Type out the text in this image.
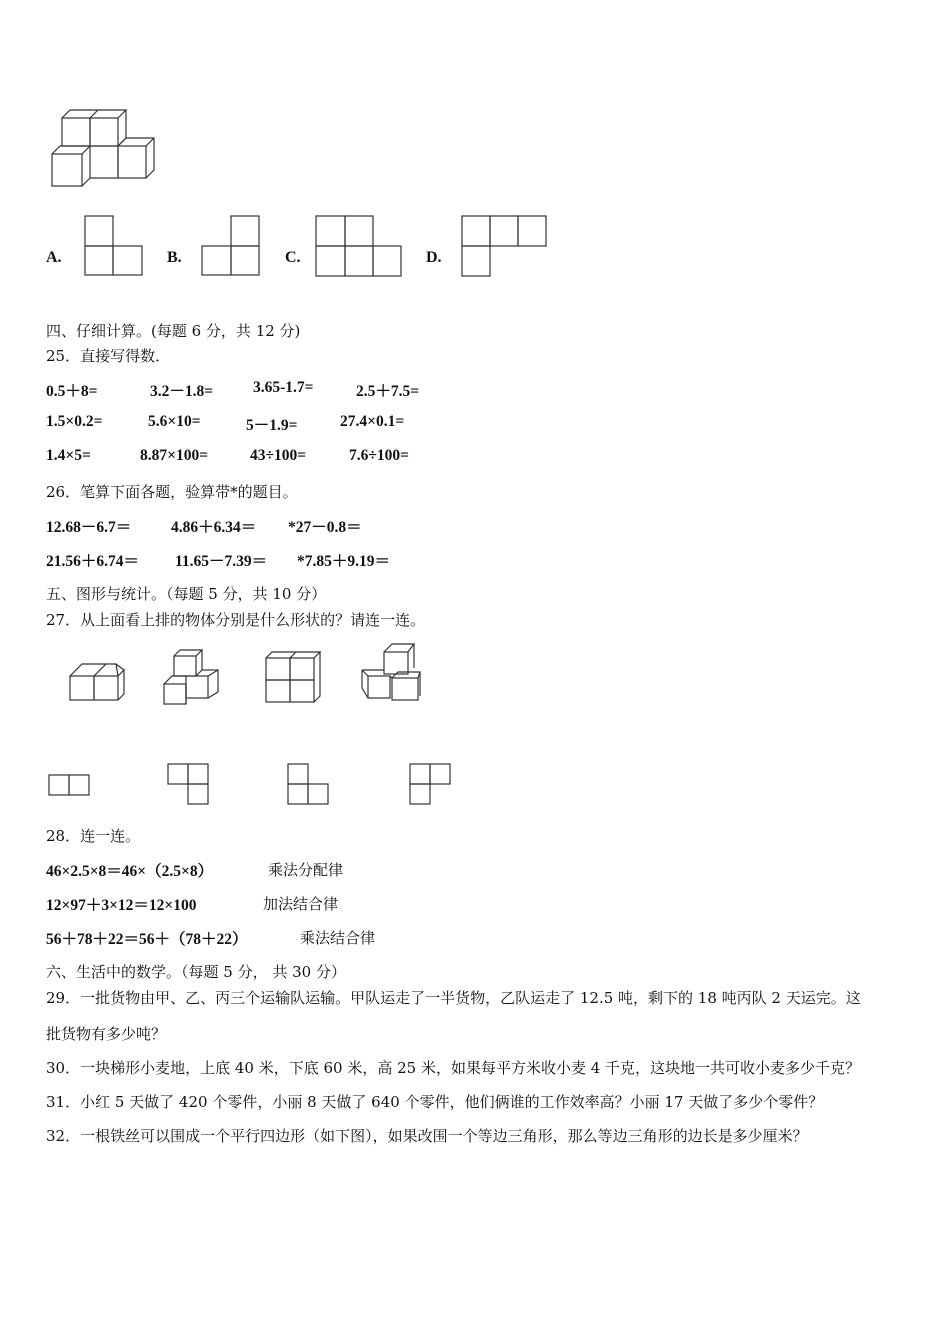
A.	B.	C.	D.
四、仔细计算。(每题 6 分，共 12 分)
25．直接写得数．
0.5＋8=	3.2－1.8=	3.65-1.7=	2.5＋7.5=
1.5×0.2=	5.6×10=	5－1.9=	27.4×0.1=
1.4×5=	8.87×100=	43÷100=	7.6÷100=
26．笔算下面各题，验算带*的题目。
12.68－6.7＝	4.86＋6.34＝ *27－0.8＝
21.56＋6.74＝ 11.65－7.39＝ *7.85＋9.19＝
五、图形与统计。（每题 5 分，共 10 分）
27．从上面看上排的物体分别是什么形状的？请连一连。
28．连一连。
46×2.5×8＝46×（2.5×8）	乘法分配律
12×97＋3×12＝12×100	加法结合律
56＋78＋22＝56＋（78＋22）	乘法结合律
六、生活中的数学。（每题 5 分， 共 30 分）
29．一批货物由甲、乙、丙三个运输队运输。甲队运走了一半货物，乙队运走了 12.5 吨，剩下的 18 吨丙队 2 天运完。这
批货物有多少吨？
30．一块梯形小麦地，上底 40 米，下底 60 米，高 25 米，如果每平方米收小麦 4 千克，这块地一共可收小麦多少千克？
31．小红 5 天做了 420 个零件，小丽 8 天做了 640 个零件，他们俩谁的工作效率高？小丽 17 天做了多少个零件？
32．一根铁丝可以围成一个平行四边形（如下图），如果改围一个等边三角形，那么等边三角形的边长是多少厘米？
